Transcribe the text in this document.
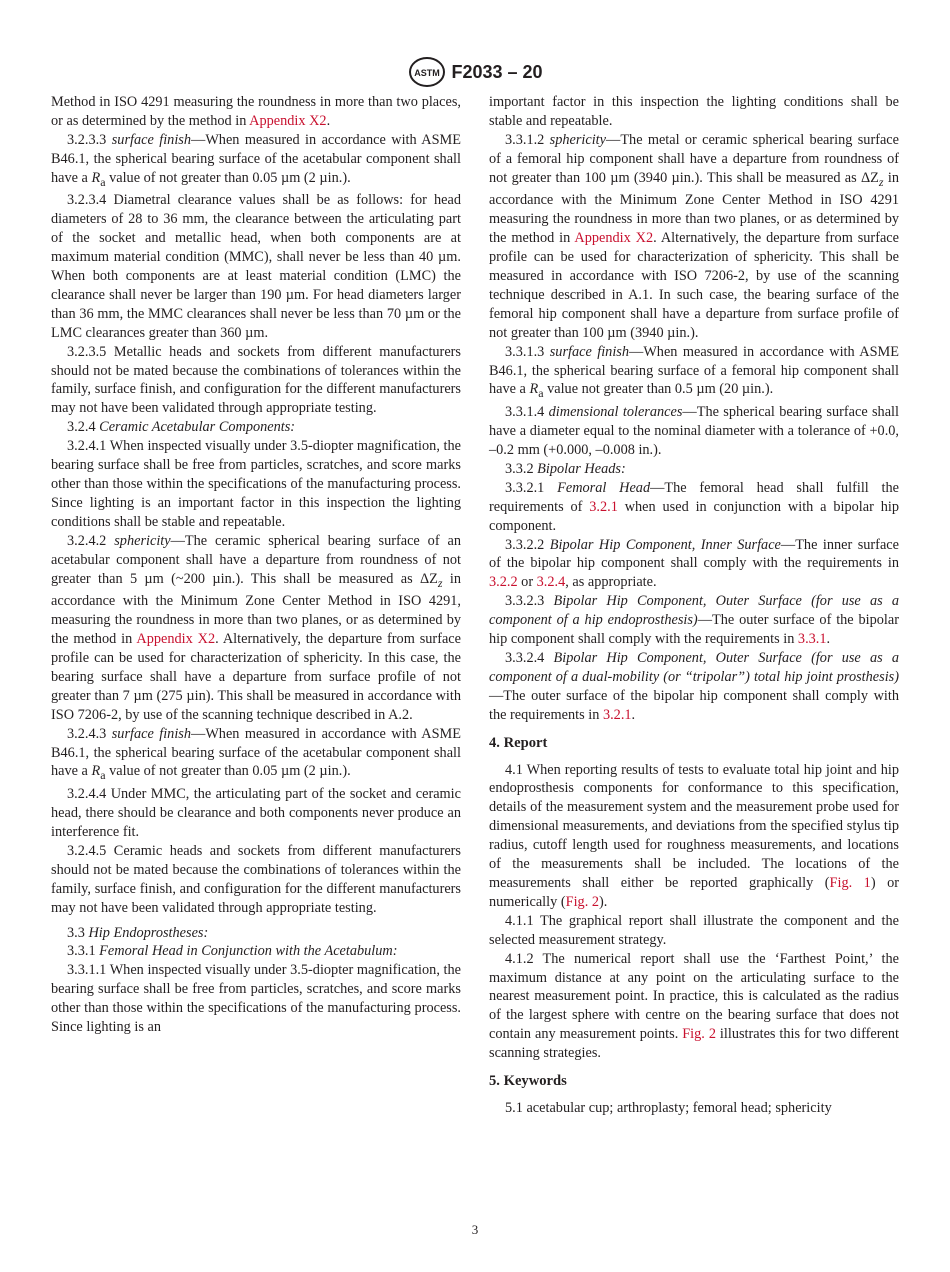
ASTM F2033 – 20

Method in ISO 4291 measuring the roundness in more than two places, or as determined by the method in Appendix X2.

3.2.3.3 surface finish—When measured in accordance with ASME B46.1, the spherical bearing surface of the acetabular component shall have a $R_a$ value of not greater than 0.05 µm (2 µin.).

3.2.3.4 Diametral clearance values shall be as follows: for head diameters of 28 to 36 mm, the clearance between the articulating part of the socket and metallic head, when both components are at maximum material condition (MMC), shall never be less than 40 µm. When both components are at least material condition (LMC) the clearance shall never be larger than 190 µm. For head diameters larger than 36 mm, the MMC clearances shall never be less than 70 µm or the LMC clearances greater than 360 µm.

3.2.3.5 Metallic heads and sockets from different manufacturers should not be mated because the combinations of tolerances within the family, surface finish, and configuration for the different manufacturers may not have been validated through appropriate testing.

3.2.4 Ceramic Acetabular Components:

3.2.4.1 When inspected visually under 3.5-diopter magnification, the bearing surface shall be free from particles, scratches, and score marks other than those within the specifications of the manufacturing process. Since lighting is an important factor in this inspection the lighting conditions shall be stable and repeatable.

3.2.4.2 sphericity—The ceramic spherical bearing surface of an acetabular component shall have a departure from roundness of not greater than 5 µm (~200 µin.). This shall be measured as $\Delta Z_z$ in accordance with the Minimum Zone Center Method in ISO 4291, measuring the roundness in more than two planes, or as determined by the method in Appendix X2. Alternatively, the departure from surface profile can be used for characterization of sphericity. In this case, the bearing surface shall have a departure from surface profile of not greater than 7 µm (275 µin). This shall be measured in accordance with ISO 7206-2, by use of the scanning technique described in A.2.

3.2.4.3 surface finish—When measured in accordance with ASME B46.1, the spherical bearing surface of the acetabular component shall have a $R_a$ value of not greater than 0.05 µm (2 µin.).

3.2.4.4 Under MMC, the articulating part of the socket and ceramic head, there should be clearance and both components never produce an interference fit.

3.2.4.5 Ceramic heads and sockets from different manufacturers should not be mated because the combinations of tolerances within the family, surface finish, and configuration for the different manufacturers may not have been validated through appropriate testing.

3.3 Hip Endoprostheses:

3.3.1 Femoral Head in Conjunction with the Acetabulum:

3.3.1.1 When inspected visually under 3.5-diopter magnification, the bearing surface shall be free from particles, scratches, and score marks other than those within the specifications of the manufacturing process. Since lighting is an

important factor in this inspection the lighting conditions shall be stable and repeatable.

3.3.1.2 sphericity—The metal or ceramic spherical bearing surface of a femoral hip component shall have a departure from roundness of not greater than 100 µm (3940 µin.). This shall be measured as $\Delta Z_z$ in accordance with the Minimum Zone Center Method in ISO 4291 measuring the roundness in more than two planes, or as determined by the method in Appendix X2. Alternatively, the departure from surface profile can be used for characterization of sphericity. This shall be measured in accordance with ISO 7206-2, by use of the scanning technique described in A.1. In such case, the bearing surface of the femoral hip component shall have a departure from surface profile of not greater than 100 µm (3940 µin.).

3.3.1.3 surface finish—When measured in accordance with ASME B46.1, the spherical bearing surface of a femoral hip component shall have a $R_a$ value not greater than 0.5 µm (20 µin.).

3.3.1.4 dimensional tolerances—The spherical bearing surface shall have a diameter equal to the nominal diameter with a tolerance of +0.0, –0.2 mm (+0.000, –0.008 in.).

3.3.2 Bipolar Heads:

3.3.2.1 Femoral Head—The femoral head shall fulfill the requirements of 3.2.1 when used in conjunction with a bipolar hip component.

3.3.2.2 Bipolar Hip Component, Inner Surface—The inner surface of the bipolar hip component shall comply with the requirements in 3.2.2 or 3.2.4, as appropriate.

3.3.2.3 Bipolar Hip Component, Outer Surface (for use as a component of a hip endoprosthesis)—The outer surface of the bipolar hip component shall comply with the requirements in 3.3.1.

3.3.2.4 Bipolar Hip Component, Outer Surface (for use as a component of a dual-mobility (or “tripolar”) total hip joint prosthesis)—The outer surface of the bipolar hip component shall comply with the requirements in 3.2.1.

4. Report

4.1 When reporting results of tests to evaluate total hip joint and hip endoprosthesis components for conformance to this specification, details of the measurement system and the measurement probe used for dimensional measurements, and deviations from the specified stylus tip radius, cutoff length used for roughness measurements, and locations of the measurements shall be included. The locations of the measurements shall either be reported graphically (Fig. 1) or numerically (Fig. 2).

4.1.1 The graphical report shall illustrate the component and the selected measurement strategy.

4.1.2 The numerical report shall use the ‘Farthest Point,’ the maximum distance at any point on the articulating surface to the nearest measurement point. In practice, this is calculated as the radius of the largest sphere with centre on the bearing surface that does not contain any measurement points. Fig. 2 illustrates this for two different scanning strategies.

5. Keywords

5.1 acetabular cup; arthroplasty; femoral head; sphericity

3
